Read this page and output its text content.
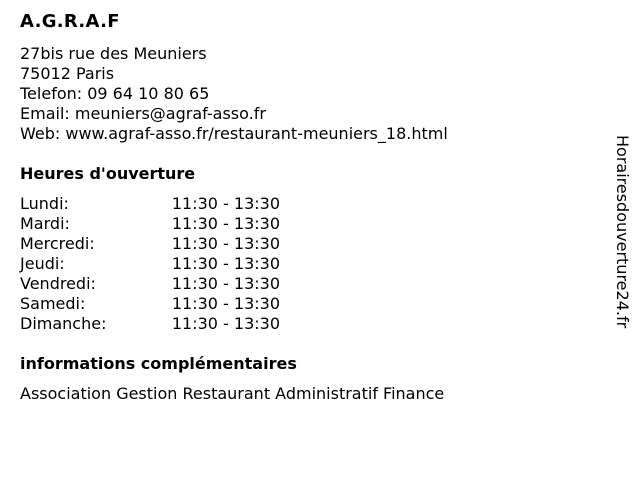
A.G.R.A.F
27bis rue des Meuniers
75012 Paris
Telefon: 09 64 10 80 65
Email: meuniers@agraf-asso.fr
Web: www.agraf-asso.fr/restaurant-meuniers_18.html
Heures d'ouverture
Lundi:	11:30 - 13:30
Mardi:	11:30 - 13:30
Mercredi:	11:30 - 13:30
Jeudi:	11:30 - 13:30
Vendredi:	11:30 - 13:30
Samedi:	11:30 - 13:30
Dimanche:	11:30 - 13:30
informations complémentaires
Association Gestion Restaurant Administratif Finance
Horairesdouverture24.fr
